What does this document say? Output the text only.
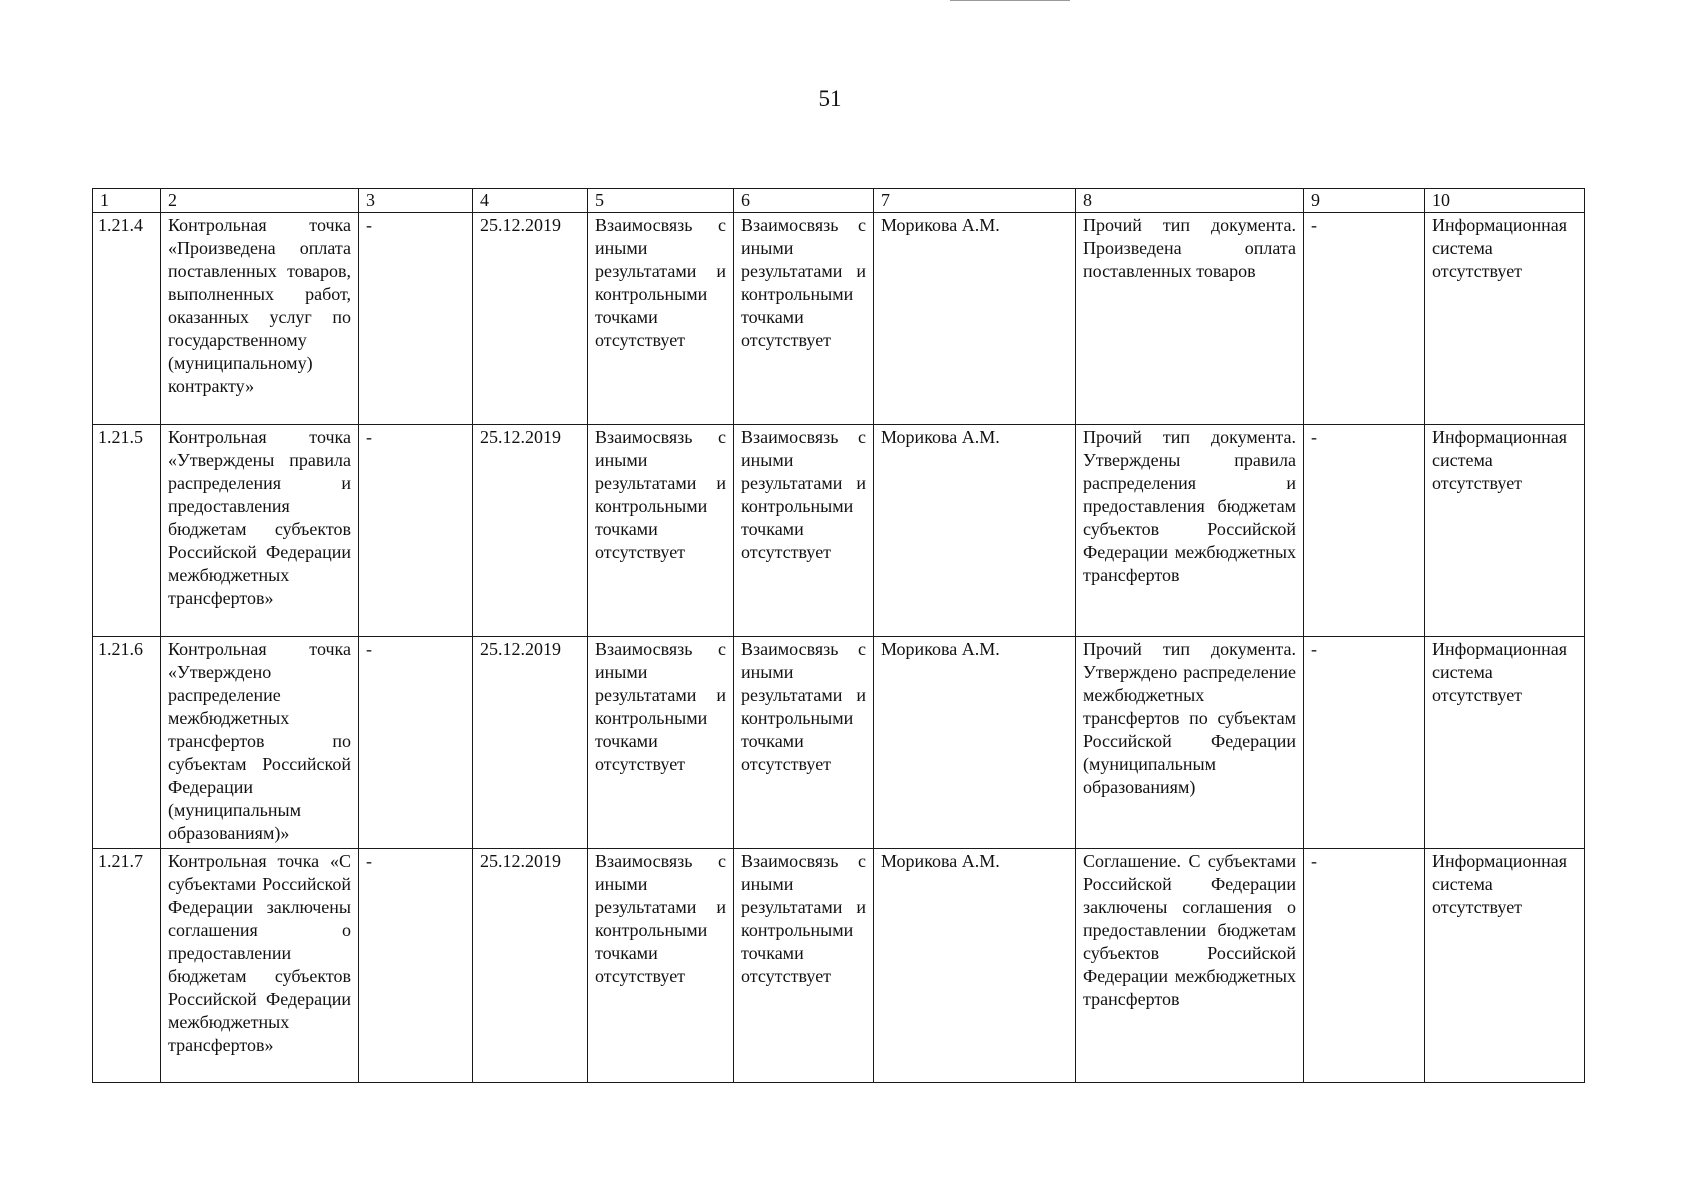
51
1	2	3	4	5	6	7	8	9	10
1.21.4	Контрольная точка «Произведена оплата поставленных товаров, выполненных работ, оказанных услуг по государственному (муниципальному) контракту»	-	25.12.2019	Взаимосвязь с иными результатами и контрольными точками отсутствует	Взаимосвязь с иными результатами и контрольными точками отсутствует	Морикова А.М.	Прочий тип документа. Произведена оплата поставленных товаров	-	Информационная система отсутствует
1.21.5	Контрольная точка «Утверждены правила распределения и предоставления бюджетам субъектов Российской Федерации межбюджетных трансфертов»	-	25.12.2019	Взаимосвязь с иными результатами и контрольными точками отсутствует	Взаимосвязь с иными результатами и контрольными точками отсутствует	Морикова А.М.	Прочий тип документа. Утверждены правила распределения и предоставления бюджетам субъектов Российской Федерации межбюджетных трансфертов	-	Информационная система отсутствует
1.21.6	Контрольная точка «Утверждено распределение межбюджетных трансфертов по субъектам Российской Федерации (муниципальным образованиям)»	-	25.12.2019	Взаимосвязь с иными результатами и контрольными точками отсутствует	Взаимосвязь с иными результатами и контрольными точками отсутствует	Морикова А.М.	Прочий тип документа. Утверждено распределение межбюджетных трансфертов по субъектам Российской Федерации (муниципальным образованиям)	-	Информационная система отсутствует
1.21.7	Контрольная точка «С субъектами Российской Федерации заключены соглашения о предоставлении бюджетам субъектов Российской Федерации межбюджетных трансфертов»	-	25.12.2019	Взаимосвязь с иными результатами и контрольными точками отсутствует	Взаимосвязь с иными результатами и контрольными точками отсутствует	Морикова А.М.	Соглашение. С субъектами Российской Федерации заключены соглашения о предоставлении бюджетам субъектов Российской Федерации межбюджетных трансфертов	-	Информационная система отсутствует
